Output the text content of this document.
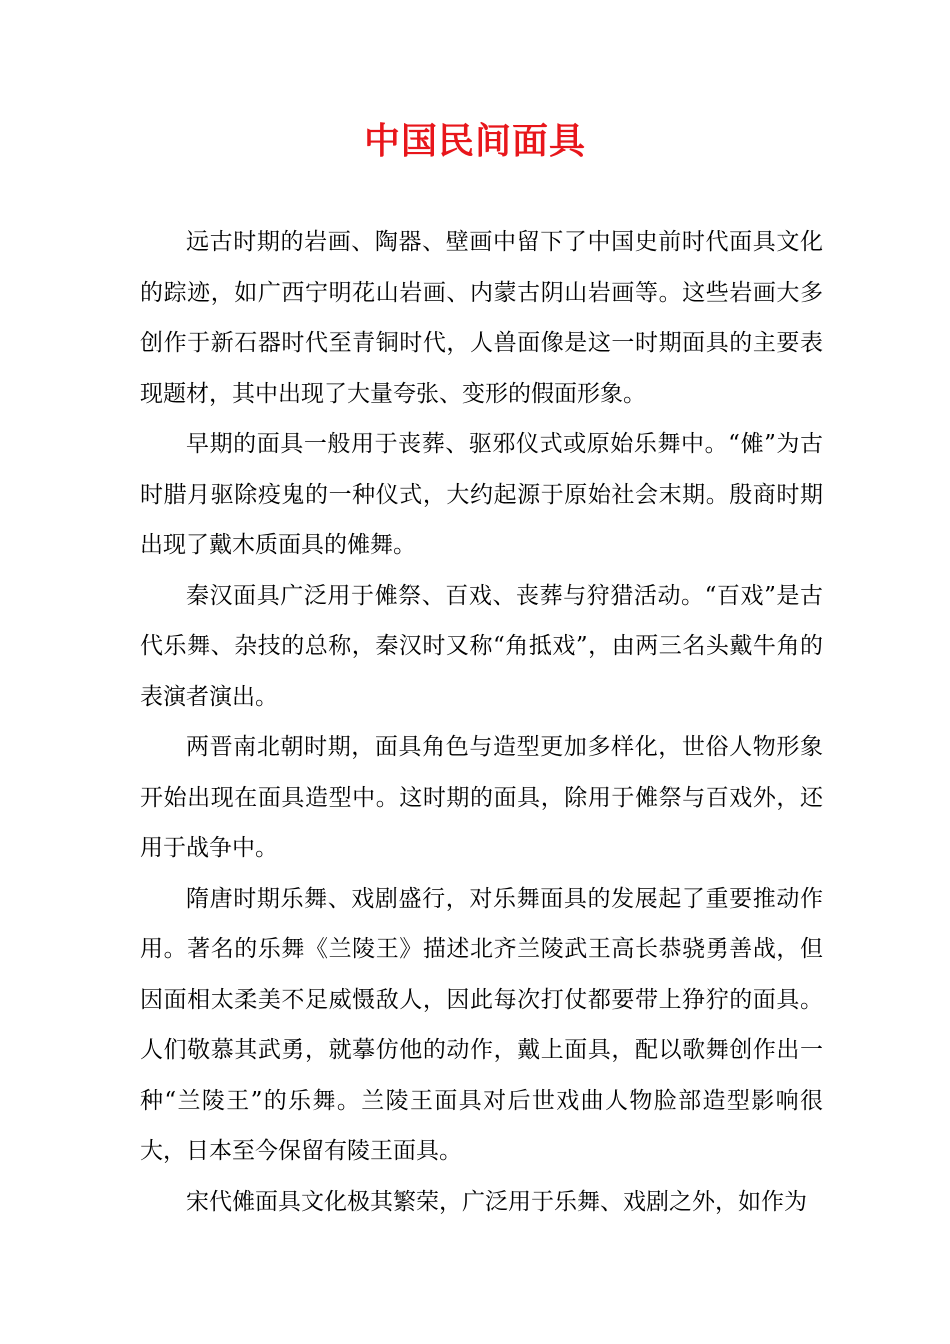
中国民间面具

远古时期的岩画、陶器、壁画中留下了中国史前时代面具文化的踪迹，如广西宁明花山岩画、内蒙古阴山岩画等。这些岩画大多创作于新石器时代至青铜时代，人兽面像是这一时期面具的主要表现题材，其中出现了大量夸张、变形的假面形象。

早期的面具一般用于丧葬、驱邪仪式或原始乐舞中。“傩”为古时腊月驱除疫鬼的一种仪式，大约起源于原始社会末期。殷商时期出现了戴木质面具的傩舞。

秦汉面具广泛用于傩祭、百戏、丧葬与狩猎活动。“百戏”是古代乐舞、杂技的总称，秦汉时又称“角抵戏”，由两三名头戴牛角的表演者演出。

两晋南北朝时期，面具角色与造型更加多样化，世俗人物形象开始出现在面具造型中。这时期的面具，除用于傩祭与百戏外，还用于战争中。

隋唐时期乐舞、戏剧盛行，对乐舞面具的发展起了重要推动作用。著名的乐舞《兰陵王》描述北齐兰陵武王高长恭骁勇善战，但因面相太柔美不足威慑敌人，因此每次打仗都要带上狰狞的面具。人们敬慕其武勇，就摹仿他的动作，戴上面具，配以歌舞创作出一种“兰陵王”的乐舞。兰陵王面具对后世戏曲人物脸部造型影响很大，日本至今保留有陵王面具。

宋代傩面具文化极其繁荣，广泛用于乐舞、戏剧之外，如作为
